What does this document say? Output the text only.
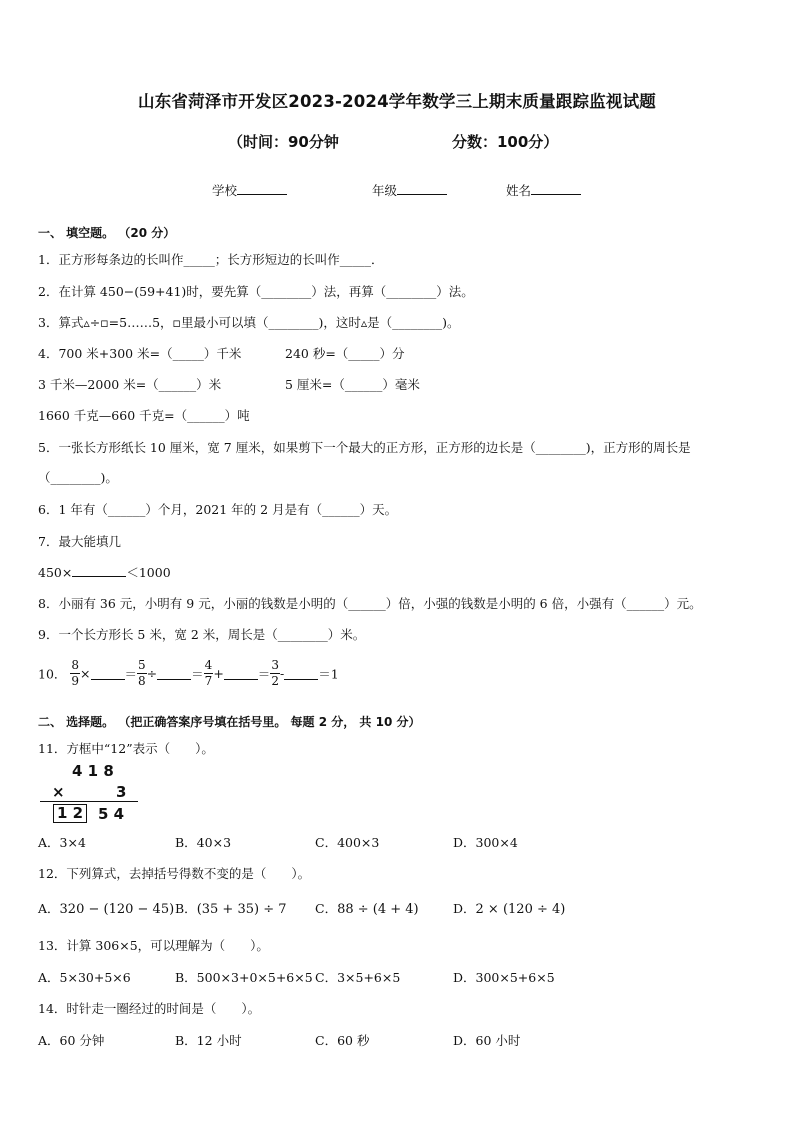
山东省菏泽市开发区2023-2024学年数学三上期末质量跟踪监视试题
（时间：90分钟	分数：100分）
学校	年级	姓名
一、 填空题。 （20 分）
1．正方形每条边的长叫作_____；长方形短边的长叫作_____．
2．在计算 450−(59+41)时，要先算（________）法，再算（________）法。
3．算式▵÷▫=5……5，▫里最小可以填（________)，这时▵是（________)。
4．700 米+300 米=（_____）千米	240 秒=（_____）分
3 千米—2000 米=（______）米	5 厘米=（______）毫米
1660 千克—660 千克=（______）吨
5．一张长方形纸长 10 厘米，宽 7 厘米，如果剪下一个最大的正方形，正方形的边长是（________)，正方形的周长是
（________)。
6．1 年有（______）个月，2021 年的 2 月是有（______）天。
7．最大能填几
450×	＜1000
8．小丽有 36 元，小明有 9 元，小丽的钱数是小明的（______）倍，小强的钱数是小明的 6 倍，小强有（______）元。
9．一个长方形长 5 米，宽 2 米，周长是（________）米。
10． $\frac{8}{9}$ ×	＝ $\frac{5}{8}$ ÷	＝ $\frac{4}{7}$ +	＝ $\frac{3}{2}$ -	＝1
二、 选择题。 （把正确答案序号填在括号里。 每题 2 分， 共 10 分）
11．方框中“12”表示（　　）。
4 1 8
×	3
1 2 5 4
A．3×4	B．40×3	C．400×3	D．300×4
12．下列算式，去掉括号得数不变的是（　　）。
A．320 − (120 − 45) B．(35 + 35) ÷ 7 C．88 ÷ (4 + 4)	D．2 × (120 ÷ 4)
13．计算 306×5，可以理解为（　　）。
A．5×30+5×6	B．500×3+0×5+6×5 C．3×5+6×5	D．300×5+6×5
14．时针走一圈经过的时间是（　　）。
A．60 分钟	B．12 小时	C．60 秒	D．60 小时
